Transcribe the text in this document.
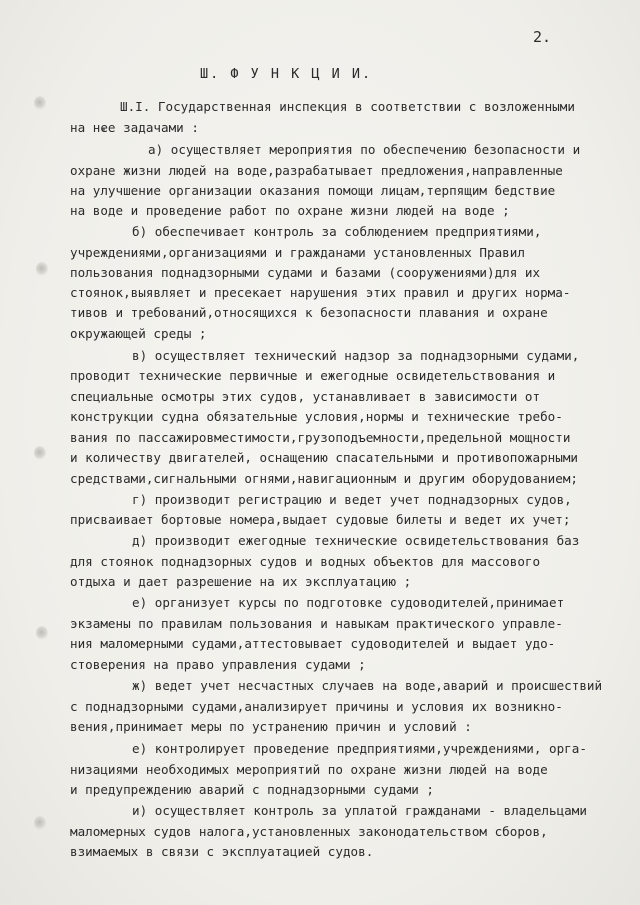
2.
Ш. Ф У Н К Ц И И.
Ш.I. Государственная инспекция в соответствии с возложенными
на нее задачами :
а) осуществляет мероприятия по обеспечению безопасности и
охране жизни людей на воде,разрабатывает предложения,направленные
на улучшение организации оказания помощи лицам,терпящим бедствие
на воде и проведение работ по охране жизни людей на воде ;
б) обеспечивает контроль за соблюдением предприятиями,
учреждениями,организациями и гражданами установленных Правил
пользования поднадзорными судами и базами (сооружениями)для их
стоянок,выявляет и пресекает нарушения этих правил и других норма-
тивов и требований,относящихся к безопасности плавания и охране
окружающей среды ;
в) осуществляет технический надзор за поднадзорными судами,
проводит технические первичные и ежегодные освидетельствования и
специальные осмотры этих судов, устанавливает в зависимости от
конструкции судна обязательные условия,нормы и технические требо-
вания по пассажировместимости,грузоподъемности,предельной мощности
и количеству двигателей, оснащению спасательными и противопожарными
средствами,сигнальными огнями,навигационным и другим оборудованием;
г) производит регистрацию и ведет учет поднадзорных судов,
присваивает бортовые номера,выдает судовые билеты и ведет их учет;
д) производит ежегодные технические освидетельствования баз
для стоянок поднадзорных судов и водных объектов для массового
отдыха и дает разрешение на их эксплуатацию ;
е) организует курсы по подготовке судоводителей,принимает
экзамены по правилам пользования и навыкам практического управле-
ния маломерными судами,аттестовывает судоводителей и выдает удо-
стоверения на право управления судами ;
ж) ведет учет несчастных случаев на воде,аварий и происшествий
с поднадзорными судами,анализирует причины и условия их возникно-
вения,принимает меры по устранению причин и условий :
е) контролирует проведение предприятиями,учреждениями, орга-
низациями необходимых мероприятий по охране жизни людей на воде
и предупреждению аварий с поднадзорными судами ;
и) осуществляет контроль за уплатой гражданами - владельцами
маломерных судов налога,установленных законодательством сборов,
взимаемых в связи с эксплуатацией судов.
